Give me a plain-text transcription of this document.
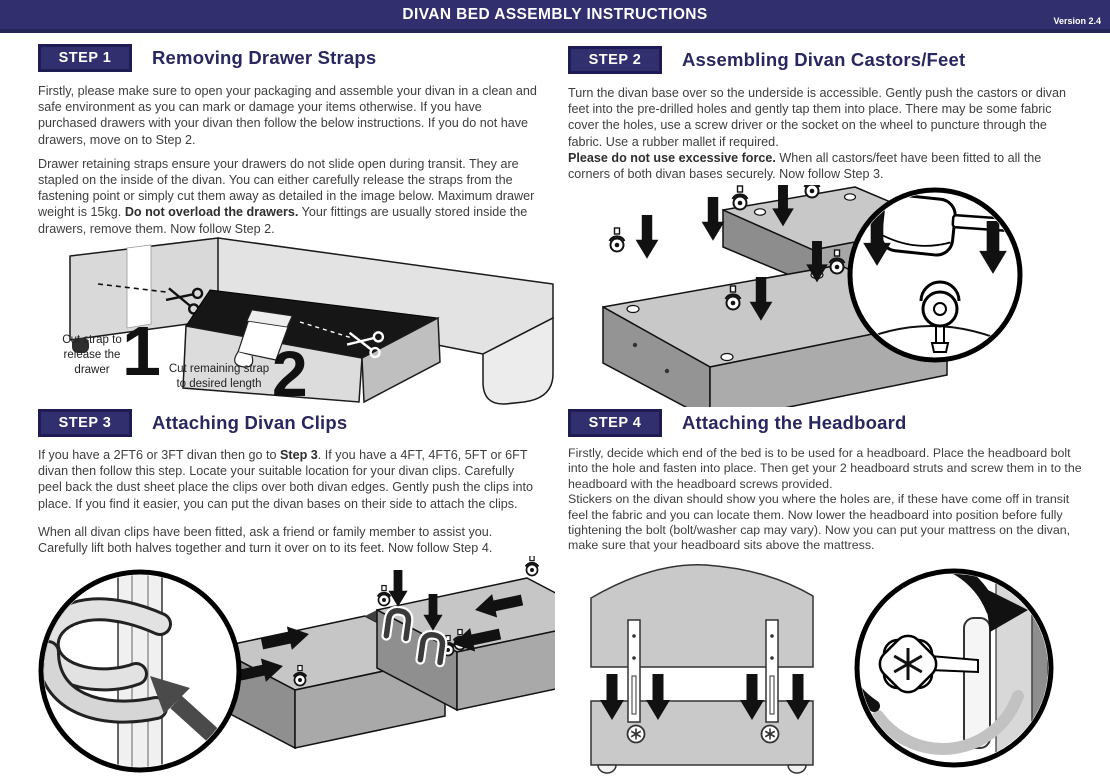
DIVAN BED ASSEMBLY INSTRUCTIONS	Version 2.4
STEP 1	Removing Drawer Straps

Firstly, please make sure to open your packaging and assemble your divan in a clean and safe environment as you can mark or damage your items otherwise. If you have purchased drawers with your divan then follow the below instructions. If you do not have drawers, move on to Step 2.

Drawer retaining straps ensure your drawers do not slide open during transit. They are stapled on the inside of the divan. You can either carefully release the straps from the fastening point or simply cut them away as detailed in the image below. Maximum drawer weight is 15kg. Do not overload the drawers. Your fittings are usually stored inside the drawers, remove them. Now follow Step 2.

STEP 2	Assembling Divan Castors/Feet

Turn the divan base over so the underside is accessible. Gently push the castors or divan feet into the pre-drilled holes and gently tap them into place. There may be some fabric cover the holes, use a screw driver or the socket on the wheel to puncture through the fabric. Use a rubber mallet if required.

Please do not use excessive force. When all castors/feet have been fitted to all the corners of both divan bases securely. Now follow Step 3.

STEP 3	Attaching Divan Clips

If you have a 2FT6 or 3FT divan then go to Step 3. If you have a 4FT, 4FT6, 5FT or 6FT divan then follow this step. Locate your suitable location for your divan clips. Carefully peel back the dust sheet place the clips over both divan edges. Gently push the clips into place. If you find it easier, you can put the divan bases on their side to attach the clips.

When all divan clips have been fitted, ask a friend or family member to assist you. Carefully lift both halves together and turn it over on to its feet. Now follow Step 4.

STEP 4	Attaching the Headboard

Firstly, decide which end of the bed is to be used for a headboard. Place the headboard bolt into the hole and fasten into place. Then get your 2 headboard struts and screw them in to the headboard with the headboard screws provided.

Stickers on the divan should show you where the holes are, if these have come off in transit feel the fabric and you can locate them. Now lower the headboard into position before fully tightening the bolt (bolt/washer cap may vary). Now you can put your mattress on the divan, make sure that your headboard sits above the mattress.

Cut strap to release the drawer 1 Cut remaining strap to desired length 2
